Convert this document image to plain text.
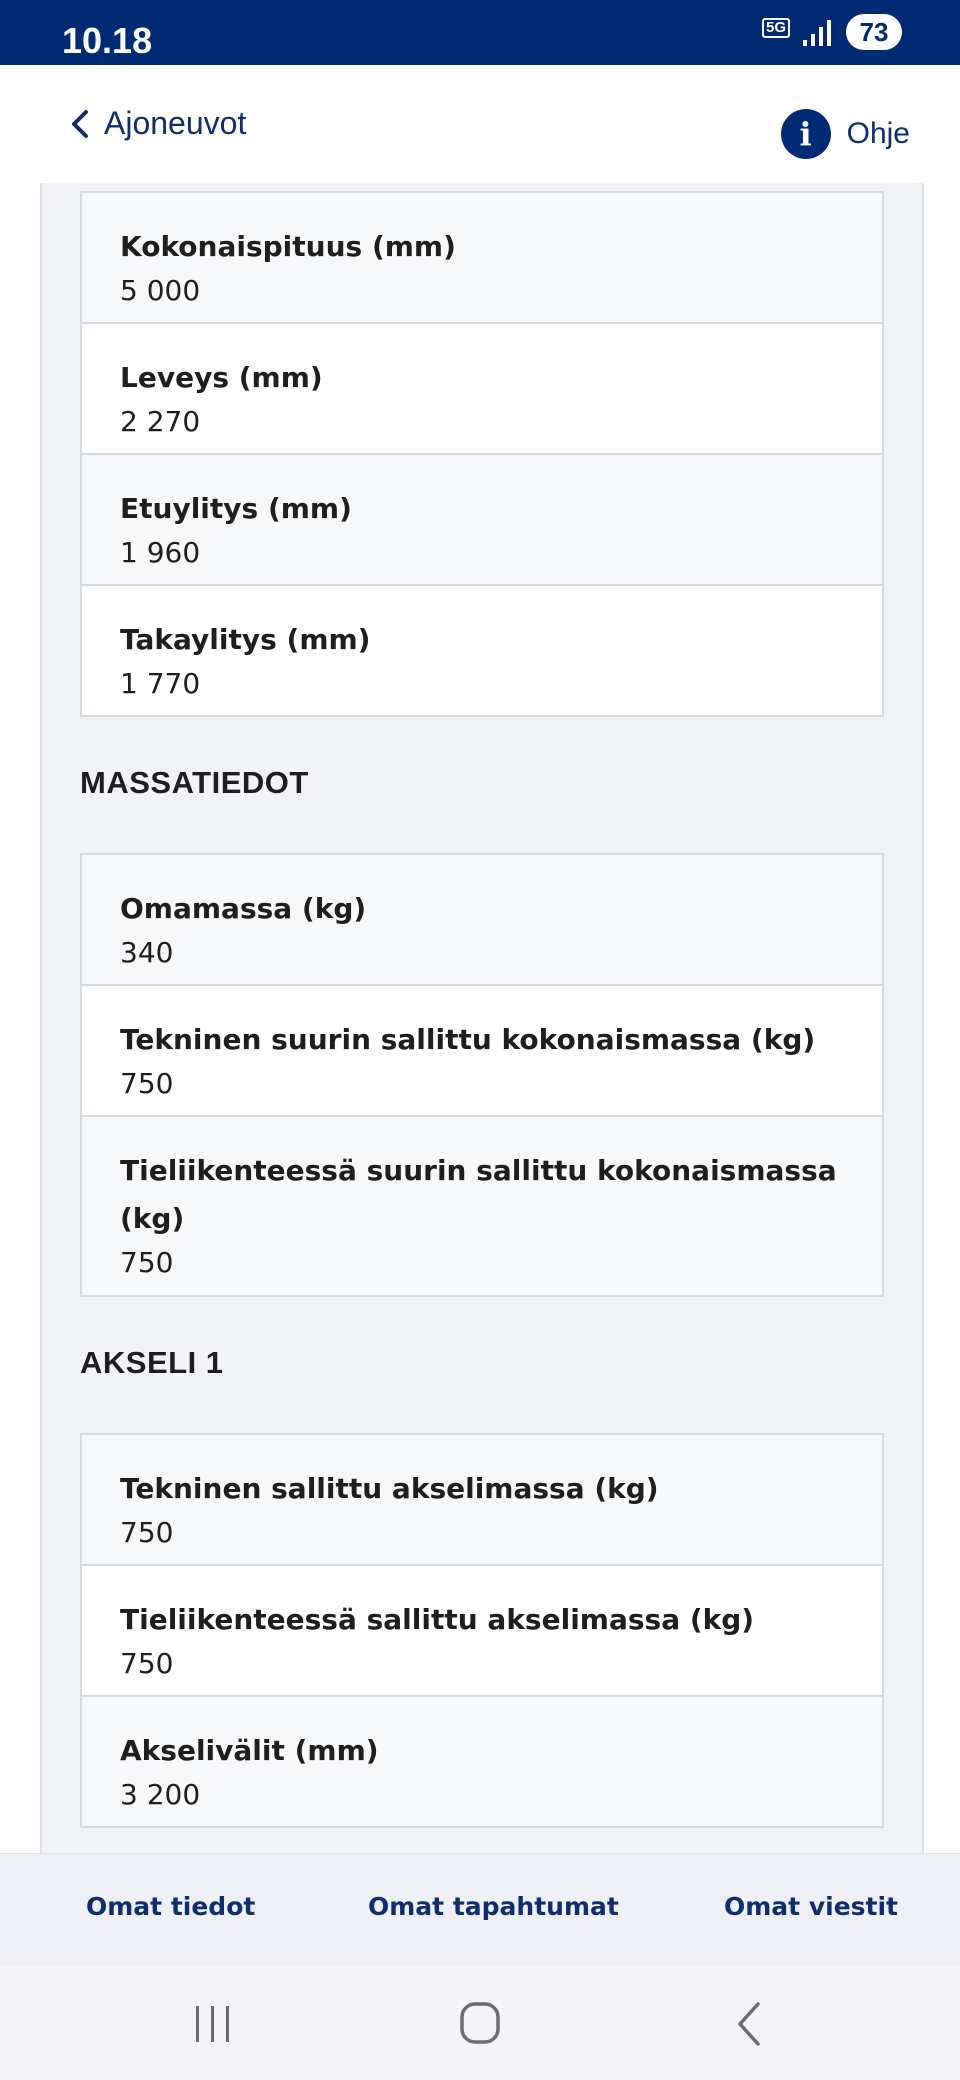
10.18	5G	73
Ajoneuvot	i	Ohje
Kokonaispituus (mm)
5 000
Leveys (mm)
2 270
Etuylitys (mm)
1 960
Takaylitys (mm)
1 770
MASSATIEDOT
Omamassa (kg)
340
Tekninen suurin sallittu kokonaismassa (kg)
750
Tieliikenteessä suurin sallittu kokonaismassa (kg)
750
AKSELI 1
Tekninen sallittu akselimassa (kg)
750
Tieliikenteessä sallittu akselimassa (kg)
750
Akselivälit (mm)
3 200
Omat tiedot	Omat tapahtumat	Omat viestit
